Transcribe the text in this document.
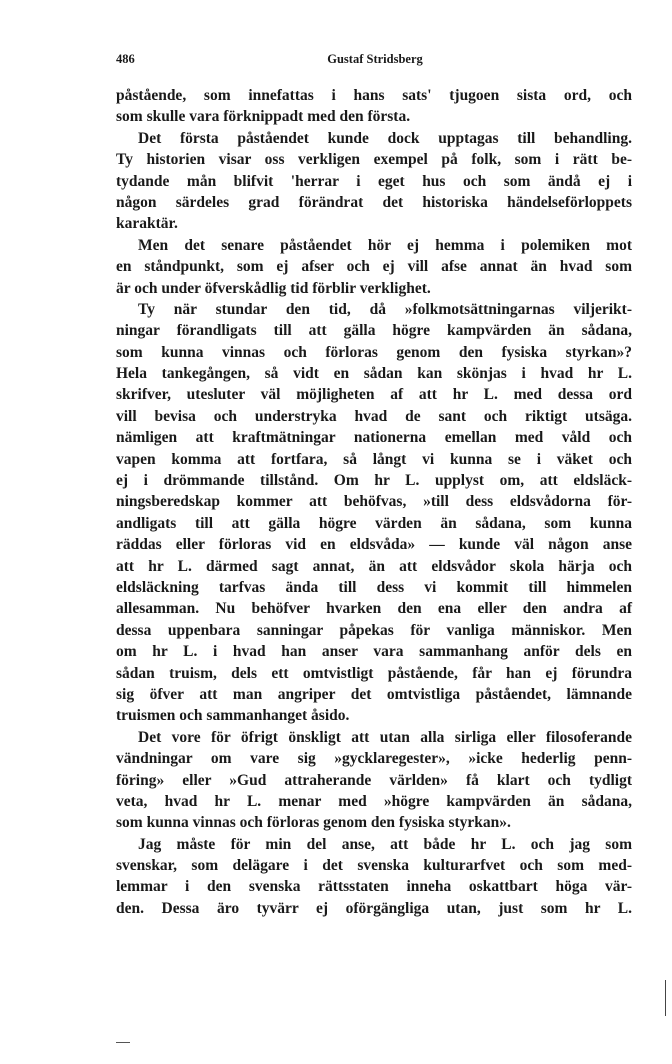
486	Gustaf Stridsberg
påstående, som innefattas i hans sats' tjugoen sista ord, och
som skulle vara förknippadt med den första.
Det första påståendet kunde dock upptagas till behandling.
Ty historien visar oss verkligen exempel på folk, som i rätt be-
tydande mån blifvit 'herrar i eget hus och som ändå ej i
någon särdeles grad förändrat det historiska händelseförloppets
karaktär.
Men det senare påståendet hör ej hemma i polemiken mot
en ståndpunkt, som ej afser och ej vill afse annat än hvad som
är och under öfverskådlig tid förblir verklighet.
Ty när stundar den tid, då »folkmotsättningarnas viljerikt-
ningar förandligats till att gälla högre kampvärden än sådana,
som kunna vinnas och förloras genom den fysiska styrkan»?
Hela tankegången, så vidt en sådan kan skönjas i hvad hr L.
skrifver, utesluter väl möjligheten af att hr L. med dessa ord
vill bevisa och understryka hvad de sant och riktigt utsäga.
nämligen att kraftmätningar nationerna emellan med våld och
vapen komma att fortfara, så långt vi kunna se i väket och
ej i drömmande tillstånd. Om hr L. upplyst om, att eldsläck-
ningsberedskap kommer att behöfvas, »till dess eldsvådorna för-
andligats till att gälla högre värden än sådana, som kunna
räddas eller förloras vid en eldsvåda» — kunde väl någon anse
att hr L. därmed sagt annat, än att eldsvådor skola härja och
eldsläckning tarfvas ända till dess vi kommit till himmelen
allesamman. Nu behöfver hvarken den ena eller den andra af
dessa uppenbara sanningar påpekas för vanliga människor. Men
om hr L. i hvad han anser vara sammanhang anför dels en
sådan truism, dels ett omtvistligt påstående, får han ej förundra
sig öfver att man angriper det omtvistliga påståendet, lämnande
truismen och sammanhanget åsido.
Det vore för öfrigt önskligt att utan alla sirliga eller filosoferande
vändningar om vare sig »gycklaregester», »icke hederlig penn-
föring» eller »Gud attraherande världen» få klart och tydligt
veta, hvad hr L. menar med »högre kampvärden än sådana,
som kunna vinnas och förloras genom den fysiska styrkan».
Jag måste för min del anse, att både hr L. och jag som
svenskar, som delägare i det svenska kulturarfvet och som med-
lemmar i den svenska rättsstaten inneha oskattbart höga vär-
den. Dessa äro tyvärr ej oförgängliga utan, just som hr L.
